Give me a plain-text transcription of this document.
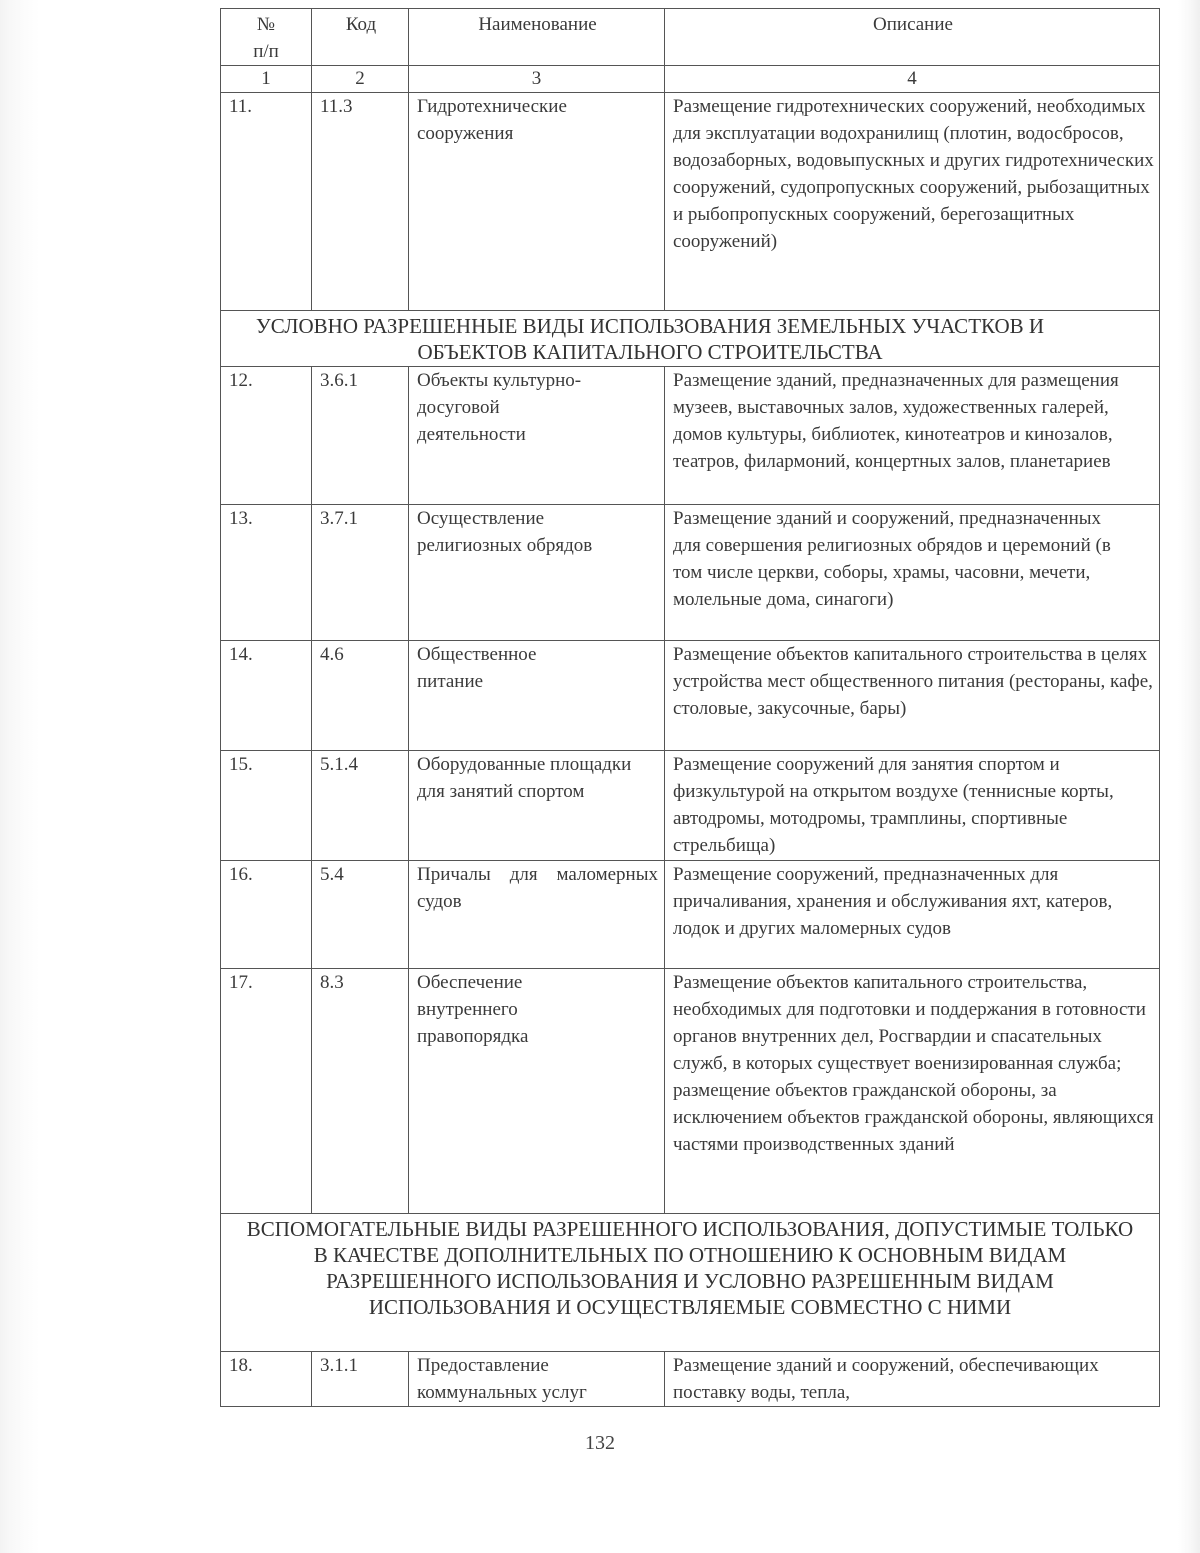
№ п/п	Код	Наименование	Описание
1	2	3	4
11.	11.3	Гидротехнические сооружения	Размещение гидротехнических сооружений, необходимых для эксплуатации водохранилищ (плотин, водосбросов, водозаборных, водовыпускных и других гидротехнических сооружений, судопропускных сооружений, рыбозащитных и рыбопропускных сооружений, берегозащитных сооружений)
УСЛОВНО РАЗРЕШЕННЫЕ ВИДЫ ИСПОЛЬЗОВАНИЯ ЗЕМЕЛЬНЫХ УЧАСТКОВ И ОБЪЕКТОВ КАПИТАЛЬНОГО СТРОИТЕЛЬСТВА			
12.	3.6.1	Объекты культурно-досуговой деятельности	Размещение зданий, предназначенных для размещения музеев, выставочных залов, художественных галерей, домов культуры, библиотек, кинотеатров и кинозалов, театров, филармоний, концертных залов, планетариев
13.	3.7.1	Осуществление религиозных обрядов	Размещение зданий и сооружений, предназначенных для совершения религиозных обрядов и церемоний (в том числе церкви, соборы, храмы, часовни, мечети, молельные дома, синагоги)
14.	4.6	Общественное питание	Размещение объектов капитального строительства в целях устройства мест общественного питания (рестораны, кафе, столовые, закусочные, бары)
15.	5.1.4	Оборудованные площадки для занятий спортом	Размещение сооружений для занятия спортом и физкультурой на открытом воздухе (теннисные корты, автодромы, мотодромы, трамплины, спортивные стрельбища)
16.	5.4	Причалы для маломерных судов	Размещение сооружений, предназначенных для причаливания, хранения и обслуживания яхт, катеров, лодок и других маломерных судов
17.	8.3	Обеспечение внутреннего правопорядка	Размещение объектов капитального строительства, необходимых для подготовки и поддержания в готовности органов внутренних дел, Росгвардии и спасательных служб, в которых существует военизированная служба; размещение объектов гражданской обороны, за исключением объектов гражданской обороны, являющихся частями производственных зданий
ВСПОМОГАТЕЛЬНЫЕ ВИДЫ РАЗРЕШЕННОГО ИСПОЛЬЗОВАНИЯ, ДОПУСТИМЫЕ ТОЛЬКО В КАЧЕСТВЕ ДОПОЛНИТЕЛЬНЫХ ПО ОТНОШЕНИЮ К ОСНОВНЫМ ВИДАМ РАЗРЕШЕННОГО ИСПОЛЬЗОВАНИЯ И УСЛОВНО РАЗРЕШЕННЫМ ВИДАМ ИСПОЛЬЗОВАНИЯ И ОСУЩЕСТВЛЯЕМЫЕ СОВМЕСТНО С НИМИ			
18.	3.1.1	Предоставление коммунальных услуг	Размещение зданий и сооружений, обеспечивающих поставку воды, тепла,
132
